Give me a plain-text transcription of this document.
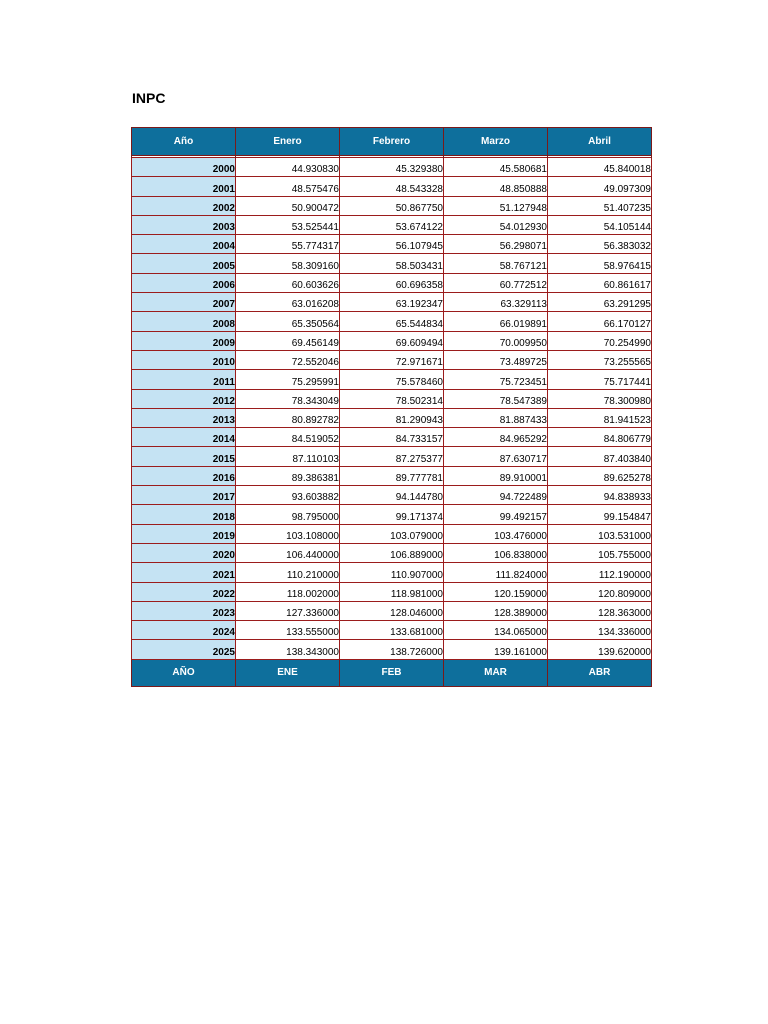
INPC
Año	Enero	Febrero	Marzo	Abril

2000	44.930830	45.329380	45.580681	45.840018
2001	48.575476	48.543328	48.850888	49.097309
2002	50.900472	50.867750	51.127948	51.407235
2003	53.525441	53.674122	54.012930	54.105144
2004	55.774317	56.107945	56.298071	56.383032
2005	58.309160	58.503431	58.767121	58.976415
2006	60.603626	60.696358	60.772512	60.861617
2007	63.016208	63.192347	63.329113	63.291295
2008	65.350564	65.544834	66.019891	66.170127
2009	69.456149	69.609494	70.009950	70.254990
2010	72.552046	72.971671	73.489725	73.255565
2011	75.295991	75.578460	75.723451	75.717441
2012	78.343049	78.502314	78.547389	78.300980
2013	80.892782	81.290943	81.887433	81.941523
2014	84.519052	84.733157	84.965292	84.806779
2015	87.110103	87.275377	87.630717	87.403840
2016	89.386381	89.777781	89.910001	89.625278
2017	93.603882	94.144780	94.722489	94.838933
2018	98.795000	99.171374	99.492157	99.154847
2019	103.108000	103.079000	103.476000	103.531000
2020	106.440000	106.889000	106.838000	105.755000
2021	110.210000	110.907000	111.824000	112.190000
2022	118.002000	118.981000	120.159000	120.809000
2023	127.336000	128.046000	128.389000	128.363000
2024	133.555000	133.681000	134.065000	134.336000
2025	138.343000	138.726000	139.161000	139.620000
AÑO	ENE	FEB	MAR	ABR
